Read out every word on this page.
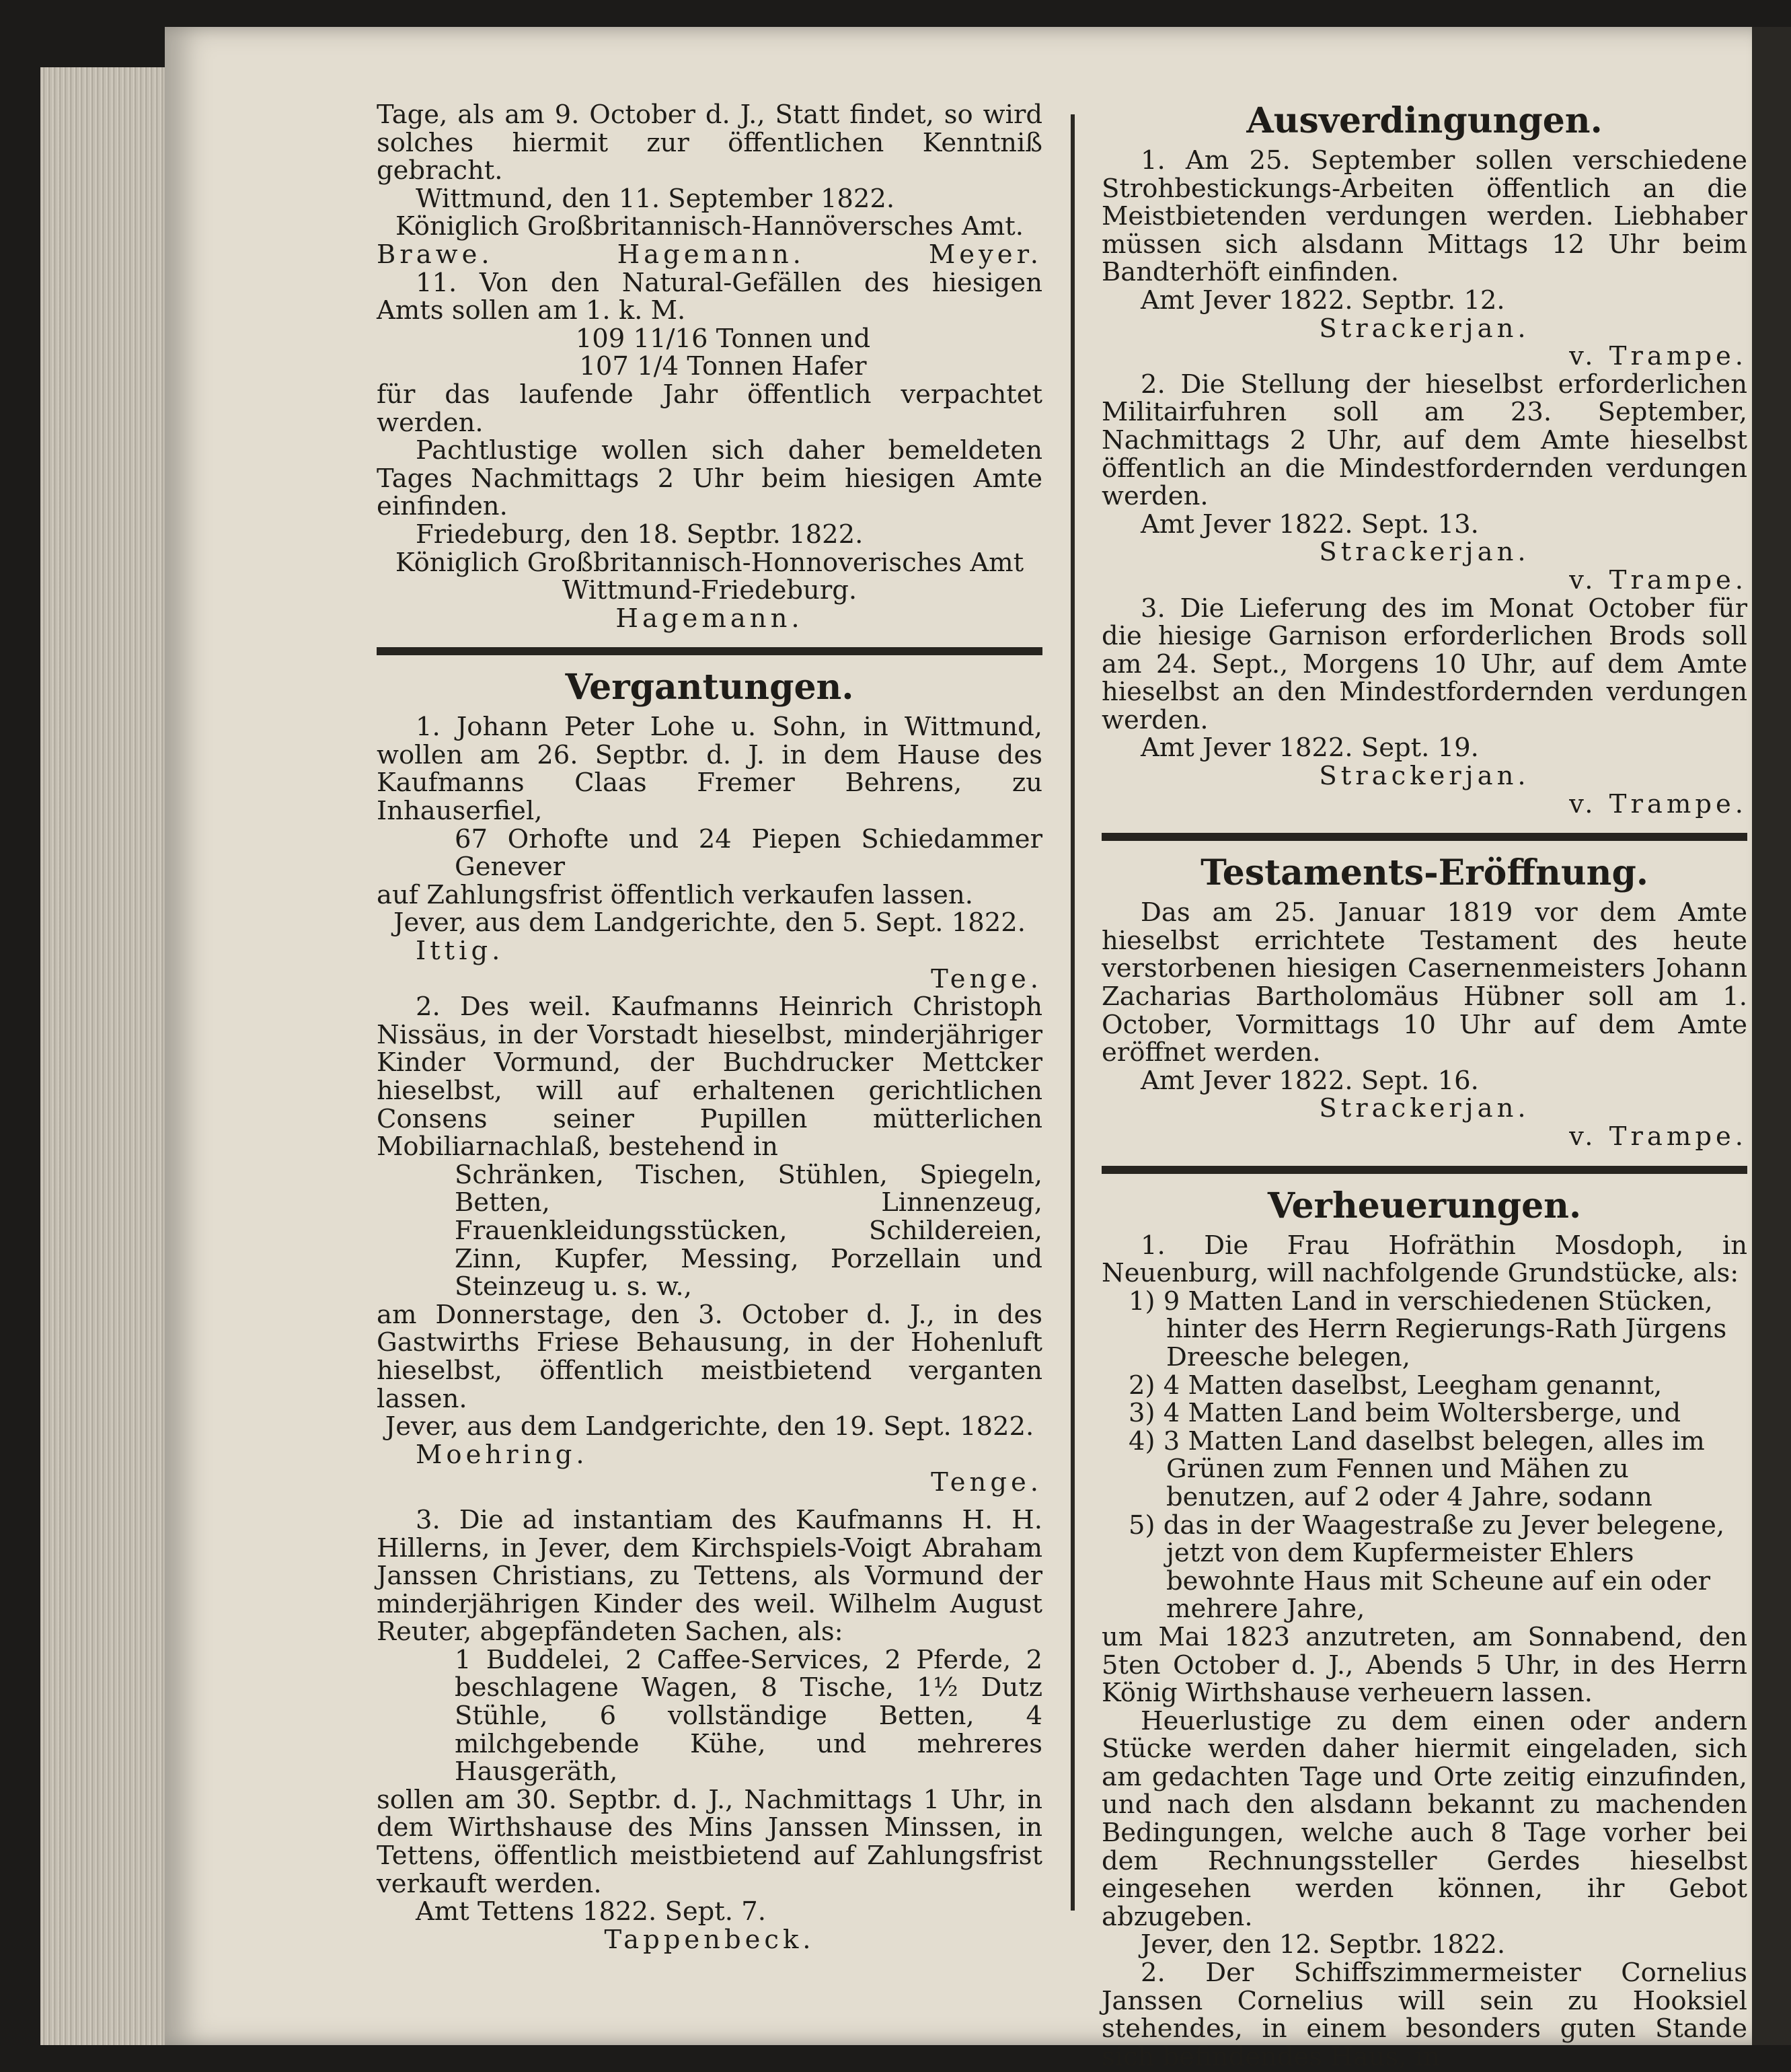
Tage, als am 9. October d. J., Statt findet, so wird solches hiermit zur öffentlichen Kenntniß gebracht.

Wittmund, den 11. September 1822.

Königlich Großbritannisch-Hannöversches Amt.

Brawe.	Hagemann.	Meyer.

11. Von den Natural-Gefällen des hiesigen Amts sollen am 1. k. M.

109 11/16 Tonnen und

107 1/4 Tonnen Hafer

für das laufende Jahr öffentlich verpachtet werden.

Pachtlustige wollen sich daher bemeldeten Tages Nachmittags 2 Uhr beim hiesigen Amte einfinden.

Friedeburg, den 18. Septbr. 1822.

Königlich Großbritannisch-Honnoverisches Amt Wittmund-Friedeburg.

Hagemann.

Vergantungen.

1. Johann Peter Lohe u. Sohn, in Wittmund, wollen am 26. Septbr. d. J. in dem Hause des Kaufmanns Claas Fremer Behrens, zu Inhauserfiel,

67 Orhofte und 24 Piepen Schiedammer Genever

auf Zahlungsfrist öffentlich verkaufen lassen.

Jever, aus dem Landgerichte, den 5. Sept. 1822.

Ittig.

Tenge.

2. Des weil. Kaufmanns Heinrich Christoph Nissäus, in der Vorstadt hieselbst, minderjähriger Kinder Vormund, der Buchdrucker Mettcker hieselbst, will auf erhaltenen gerichtlichen Consens seiner Pupillen mütterlichen Mobiliarnachlaß, bestehend in

Schränken, Tischen, Stühlen, Spiegeln, Betten, Linnenzeug, Frauenkleidungsstücken, Schildereien, Zinn, Kupfer, Messing, Porzellain und Steinzeug u. s. w.,

am Donnerstage, den 3. October d. J., in des Gastwirths Friese Behausung, in der Hohenluft hieselbst, öffentlich meistbietend verganten lassen.

Jever, aus dem Landgerichte, den 19. Sept. 1822.

Moehring.

Tenge.

3. Die ad instantiam des Kaufmanns H. H. Hillerns, in Jever, dem Kirchspiels-Voigt Abraham Janssen Christians, zu Tettens, als Vormund der minderjährigen Kinder des weil. Wilhelm August Reuter, abgepfändeten Sachen, als:

1 Buddelei, 2 Caffee-Services, 2 Pferde, 2 beschlagene Wagen, 8 Tische, 1½ Dutz Stühle, 6 vollständige Betten, 4 milchgebende Kühe, und mehreres Hausgeräth,

sollen am 30. Septbr. d. J., Nachmittags 1 Uhr, in dem Wirthshause des Mins Janssen Minssen, in Tettens, öffentlich meistbietend auf Zahlungsfrist verkauft werden.

Amt Tettens 1822. Sept. 7.

Tappenbeck.

Ausverdingungen.

1. Am 25. September sollen verschiedene Strohbestickungs-Arbeiten öffentlich an die Meistbietenden verdungen werden. Liebhaber müssen sich alsdann Mittags 12 Uhr beim Bandterhöft einfinden.

Amt Jever 1822. Septbr. 12.

Strackerjan.

v. Trampe.

2. Die Stellung der hieselbst erforderlichen Militairfuhren soll am 23. September, Nachmittags 2 Uhr, auf dem Amte hieselbst öffentlich an die Mindestfordernden verdungen werden.

Amt Jever 1822. Sept. 13.

Strackerjan.

v. Trampe.

3. Die Lieferung des im Monat October für die hiesige Garnison erforderlichen Brods soll am 24. Sept., Morgens 10 Uhr, auf dem Amte hieselbst an den Mindestfordernden verdungen werden.

Amt Jever 1822. Sept. 19.

Strackerjan.

v. Trampe.

Testaments-Eröffnung.

Das am 25. Januar 1819 vor dem Amte hieselbst errichtete Testament des heute verstorbenen hiesigen Casernenmeisters Johann Zacharias Bartholomäus Hübner soll am 1. October, Vormittags 10 Uhr auf dem Amte eröffnet werden.

Amt Jever 1822. Sept. 16.

Strackerjan.

v. Trampe.

Verheuerungen.

1. Die Frau Hofräthin Mosdoph, in Neuenburg, will nachfolgende Grundstücke, als:

1) 9 Matten Land in verschiedenen Stücken, hinter des Herrn Regierungs-Rath Jürgens Dreesche belegen,
2) 4 Matten daselbst, Leegham genannt,
3) 4 Matten Land beim Woltersberge, und
4) 3 Matten Land daselbst belegen, alles im Grünen zum Fennen und Mähen zu benutzen, auf 2 oder 4 Jahre, sodann
5) das in der Waagestraße zu Jever belegene, jetzt von dem Kupfermeister Ehlers bewohnte Haus mit Scheune auf ein oder mehrere Jahre,

um Mai 1823 anzutreten, am Sonnabend, den 5ten October d. J., Abends 5 Uhr, in des Herrn König Wirthshause verheuern lassen.

Heuerlustige zu dem einen oder andern Stücke werden daher hiermit eingeladen, sich am gedachten Tage und Orte zeitig einzufinden, und nach den alsdann bekannt zu machenden Bedingungen, welche auch 8 Tage vorher bei dem Rechnungssteller Gerdes hieselbst eingesehen werden können, ihr Gebot abzugeben.

Jever, den 12. Septbr. 1822.

2. Der Schiffszimmermeister Cornelius Janssen Cornelius will sein zu Hooksiel stehendes, in einem besonders guten Stande sich befindendes Haus, in
